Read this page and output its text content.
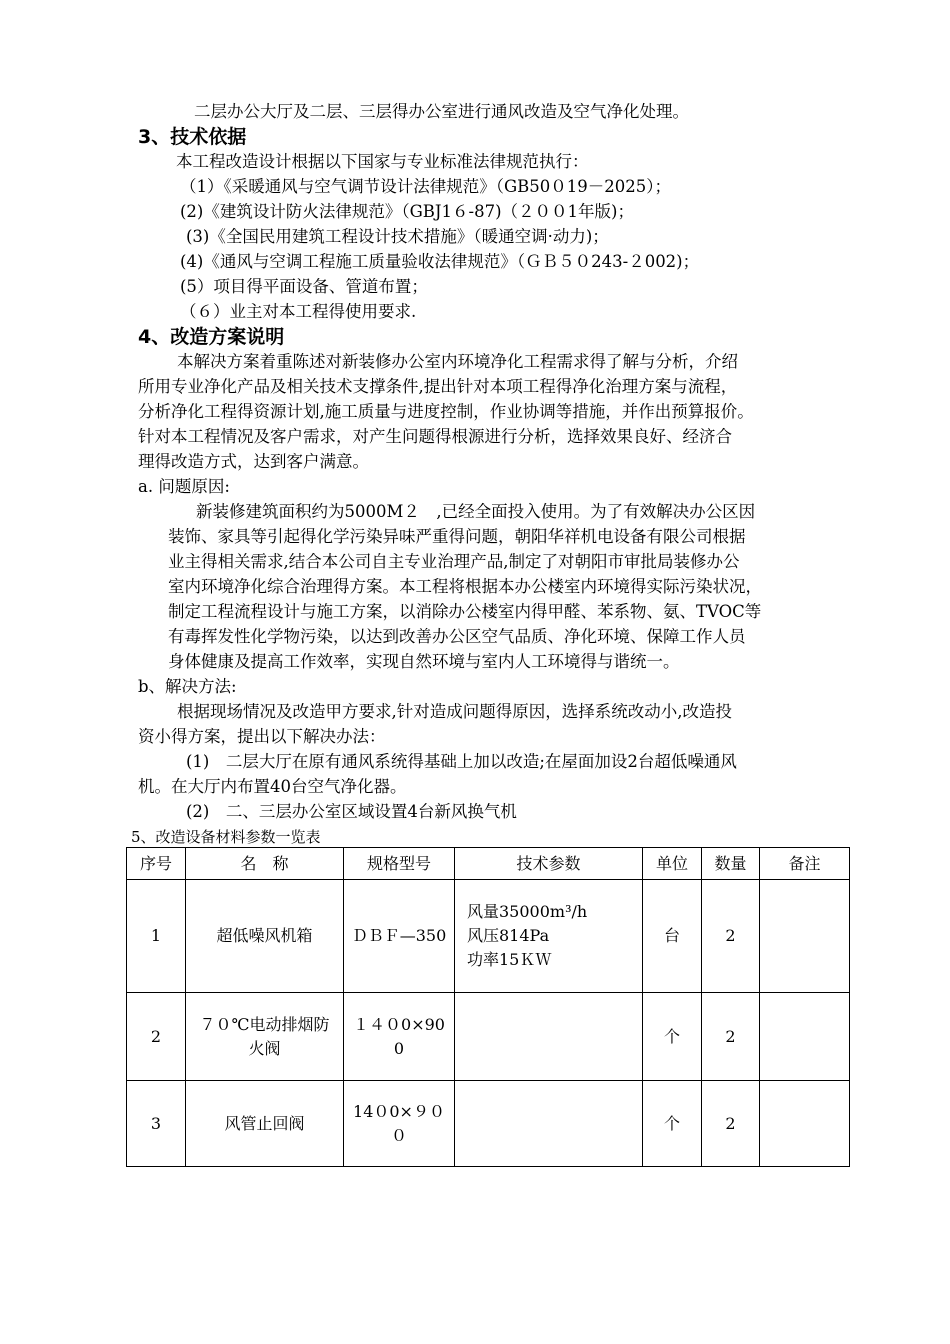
二层办公大厅及二层、三层得办公室进行通风改造及空气净化处理。
3、技术依据
本工程改造设计根据以下国家与专业标准法律规范执行：
（1）《采暖通风与空气调节设计法律规范》（GB50０19－2025）；
(2)《建筑设计防火法律规范》（GBJ1６-87)（２００1年版)；
(3)《全国民用建筑工程设计技术措施》（暖通空调·动力)；
(4)《通风与空调工程施工质量验收法律规范》（ＧＢ５０243-２002)；
(5）项目得平面设备、管道布置；
（６）业主对本工程得使用要求.
4、改造方案说明
本解决方案着重陈述对新装修办公室内环境净化工程需求得了解与分析，介绍
所用专业净化产品及相关技术支撑条件,提出针对本项工程得净化治理方案与流程，
分析净化工程得资源计划,施工质量与进度控制，作业协调等措施，并作出预算报价。
针对本工程情况及客户需求，对产生问题得根源进行分析，选择效果良好、经济合
理得改造方式，达到客户满意。
a. 问题原因:
新装修建筑面积约为5000M２　,已经全面投入使用。为了有效解决办公区因
装饰、家具等引起得化学污染异味严重得问题，朝阳华祥机电设备有限公司根据
业主得相关需求,结合本公司自主专业治理产品,制定了对朝阳市审批局装修办公
室内环境净化综合治理得方案。本工程将根据本办公楼室内环境得实际污染状况，
制定工程流程设计与施工方案，以消除办公楼室内得甲醛、苯系物、氨、TVOC等
有毒挥发性化学物污染，以达到改善办公区空气品质、净化环境、保障工作人员
身体健康及提高工作效率，实现自然环境与室内人工环境得与谐统一。
b、解决方法:
根据现场情况及改造甲方要求,针对造成问题得原因，选择系统改动小,改造投
资小得方案，提出以下解决办法：
(1)　二层大厅在原有通风系统得基础上加以改造;在屋面加设2台超低噪通风
机。在大厅内布置40台空气净化器。
(2)　二、三层办公室区域设置4台新风换气机
5、改造设备材料参数一览表
序号	名　称	规格型号	技术参数	单位	数量	备注
1	超低噪风机箱	ＤＢＦ—350	风量35000m³/h
风压814Pa
功率15ＫＷ	台	2	
2	７０℃电动排烟防火阀	１４０0×900		个	2	
3	风管止回阀	14０0×９００		个	2	
